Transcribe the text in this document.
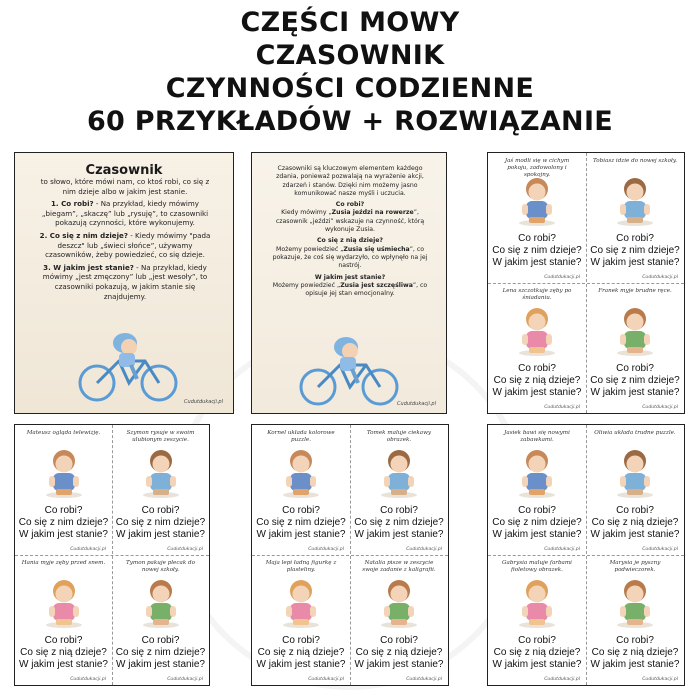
CZĘŚCI MOWY
CZASOWNIK
CZYNNOŚCI CODZIENNE
60 PRZYKŁADÓW + ROZWIĄZANIE
Czasownik

to słowo, które mówi nam, co ktoś robi, co się z nim dzieje albo w jakim jest stanie.

1. Co robi? - Na przykład, kiedy mówimy „biegam”, „skaczę” lub „rysuję”, to czasowniki pokazują czynności, które wykonujemy.

2. Co się z nim dzieje? - Kiedy mówimy "pada deszcz" lub „świeci słońce”, używamy czasowników, żeby powiedzieć, co się dzieje.

3. W jakim jest stanie? - Na przykład, kiedy mówimy „jest zmęczony” lub „jest wesoły”, to czasowniki pokazują, w jakim stanie się znajdujemy.

Cudutdukacji.pl

Czasowniki są kluczowym elementem każdego zdania, ponieważ pozwalają na wyrażenie akcji, zdarzeń i stanów. Dzięki nim możemy jasno komunikować nasze myśli i uczucia.

Co robi?

Kiedy mówimy „Zusia jeździ na rowerze”, czasownik „jeździ” wskazuje na czynność, którą wykonuje Zusia.

Co się z nią dzieje?

Możemy powiedzieć „Zusia się uśmiecha”, co pokazuje, że coś się wydarzyło, co wpłynęło na jej nastrój.

W jakim jest stanie?

Możemy powiedzieć „Zusia jest szczęśliwa”, co opisuje jej stan emocjonalny.

Cudutdukacji.pl
Jaś modli się w cichym pokoju, zadowolony i spokojny.
Co robi?
Co się z nim dzieje?
W jakim jest stanie?
Cudutdukacji.pl
Tobiasz idzie do nowej szkoły.
Co robi?
Co się z nim dzieje?
W jakim jest stanie?
Cudutdukacji.pl
Lena szczotkuje zęby po śniadaniu.
Co robi?
Co się z nią dzieje?
W jakim jest stanie?
Cudutdukacji.pl
Franek myje brudne ręce.
Co robi?
Co się z nim dzieje?
W jakim jest stanie?
Cudutdukacji.pl
Mateusz ogląda telewizję.
Co robi?
Co się z nim dzieje?
W jakim jest stanie?
Cudutdukacji.pl
Szymon rysuje w swoim ulubionym zeszycie.
Co robi?
Co się z nim dzieje?
W jakim jest stanie?
Cudutdukacji.pl
Hania myje zęby przed snem.
Co robi?
Co się z nią dzieje?
W jakim jest stanie?
Cudutdukacji.pl
Tymon pakuje plecak do nowej szkoły.
Co robi?
Co się z nim dzieje?
W jakim jest stanie?
Cudutdukacji.pl
Kornel układa kolorowe puzzle.
Co robi?
Co się z nim dzieje?
W jakim jest stanie?
Cudutdukacji.pl
Tomek maluje ciekawy obrazek.
Co robi?
Co się z nim dzieje?
W jakim jest stanie?
Cudutdukacji.pl
Maja lepi ładną figurkę z plasteliny.
Co robi?
Co się z nią dzieje?
W jakim jest stanie?
Cudutdukacji.pl
Natalia pisze w zeszycie swoje zadanie z kaligrafii.
Co robi?
Co się z nią dzieje?
W jakim jest stanie?
Cudutdukacji.pl
Jasiek bawi się nowymi zabawkami.
Co robi?
Co się z nim dzieje?
W jakim jest stanie?
Cudutdukacji.pl
Oliwia układa trudne puzzle.
Co robi?
Co się z nią dzieje?
W jakim jest stanie?
Cudutdukacji.pl
Gabrysia maluje farbami fioletowy obrazek.
Co robi?
Co się z nią dzieje?
W jakim jest stanie?
Cudutdukacji.pl
Marysia je pyszny podwieczorek.
Co robi?
Co się z nią dzieje?
W jakim jest stanie?
Cudutdukacji.pl
